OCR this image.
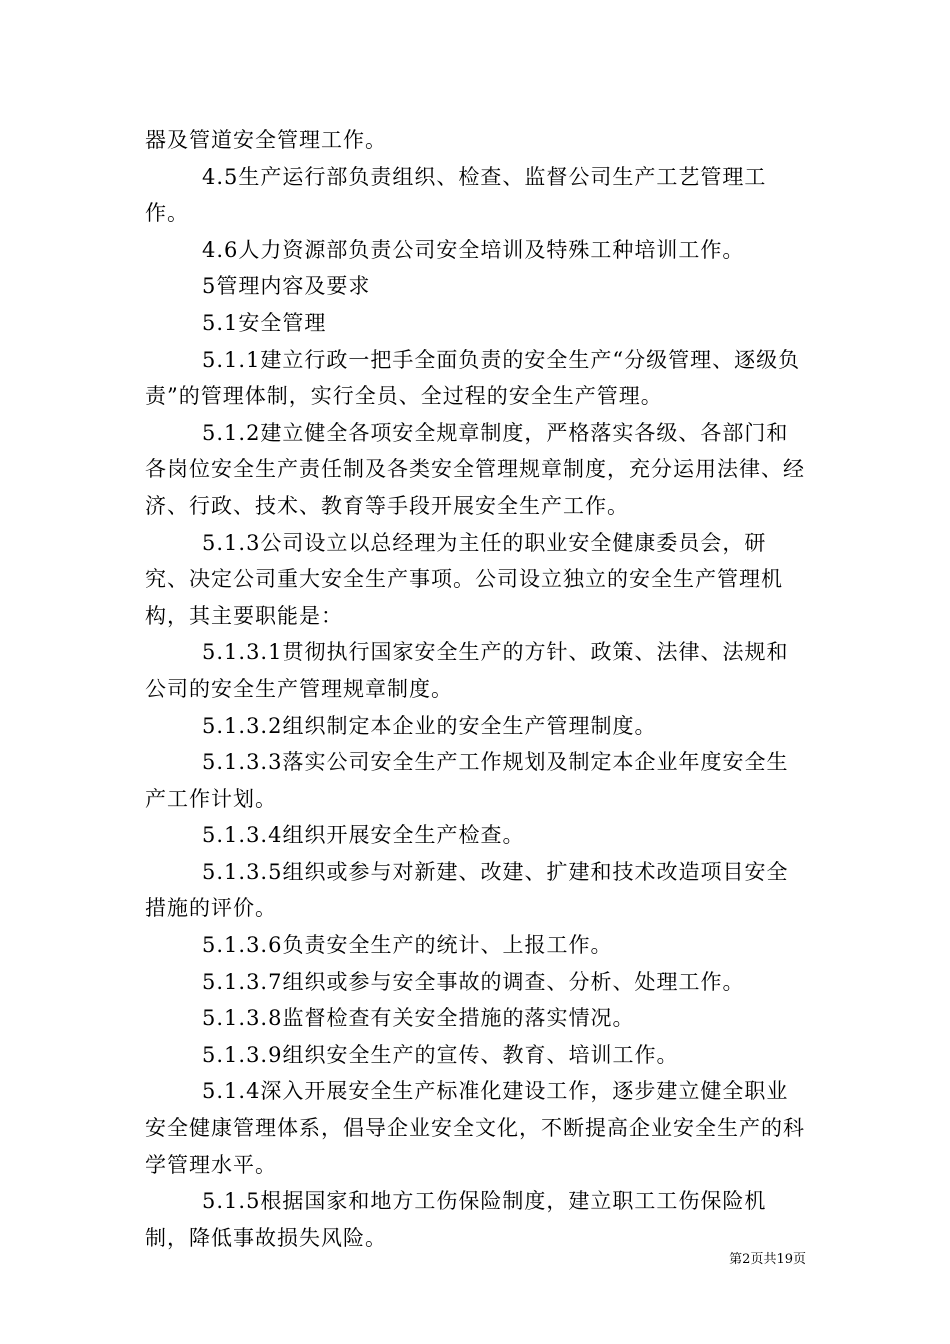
器及管道安全管理工作。

4.5生产运行部负责组织、检查、监督公司生产工艺管理工作。

4.6人力资源部负责公司安全培训及特殊工种培训工作。

5管理内容及要求

5.1安全管理

5.1.1建立行政一把手全面负责的安全生产“分级管理、逐级负责”的管理体制，实行全员、全过程的安全生产管理。

5.1.2建立健全各项安全规章制度，严格落实各级、各部门和各岗位安全生产责任制及各类安全管理规章制度，充分运用法律、经济、行政、技术、教育等手段开展安全生产工作。

5.1.3公司设立以总经理为主任的职业安全健康委员会，研究、决定公司重大安全生产事项。公司设立独立的安全生产管理机构，其主要职能是：

5.1.3.1贯彻执行国家安全生产的方针、政策、法律、法规和公司的安全生产管理规章制度。

5.1.3.2组织制定本企业的安全生产管理制度。

5.1.3.3落实公司安全生产工作规划及制定本企业年度安全生产工作计划。

5.1.3.4组织开展安全生产检查。

5.1.3.5组织或参与对新建、改建、扩建和技术改造项目安全措施的评价。

5.1.3.6负责安全生产的统计、上报工作。

5.1.3.7组织或参与安全事故的调查、分析、处理工作。

5.1.3.8监督检查有关安全措施的落实情况。

5.1.3.9组织安全生产的宣传、教育、培训工作。

5.1.4深入开展安全生产标准化建设工作，逐步建立健全职业安全健康管理体系，倡导企业安全文化，不断提高企业安全生产的科学管理水平。

5.1.5根据国家和地方工伤保险制度，建立职工工伤保险机制，降低事故损失风险。

第2页共19页
